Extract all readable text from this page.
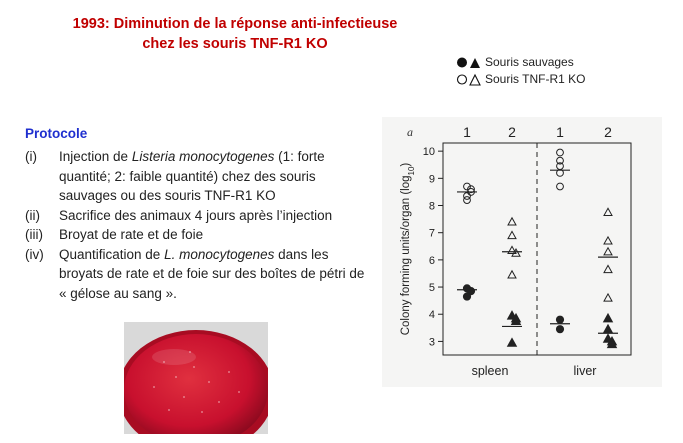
1993: Diminution de la réponse anti-infectieuse
chez les souris TNF-R1 KO
Souris sauvages
Souris TNF-R1 KO
Protocole
(i)	Injection de Listeria monocytogenes (1: forte quantité; 2: faible quantité) chez des souris sauvages ou des souris TNF-R1 KO
(ii)	Sacrifice des animaux 4 jours après l’injection
(iii)	Broyat de rate et de foie
(iv)	Quantification de L. monocytogenes dans les broyats de rate et de foie sur des boîtes de pétri de « gélose au sang ».
a
3
4
5
6
7
8
9
10
Colony forming units/organ $(\log_{10})$
1	2	1	2
spleen	liver
